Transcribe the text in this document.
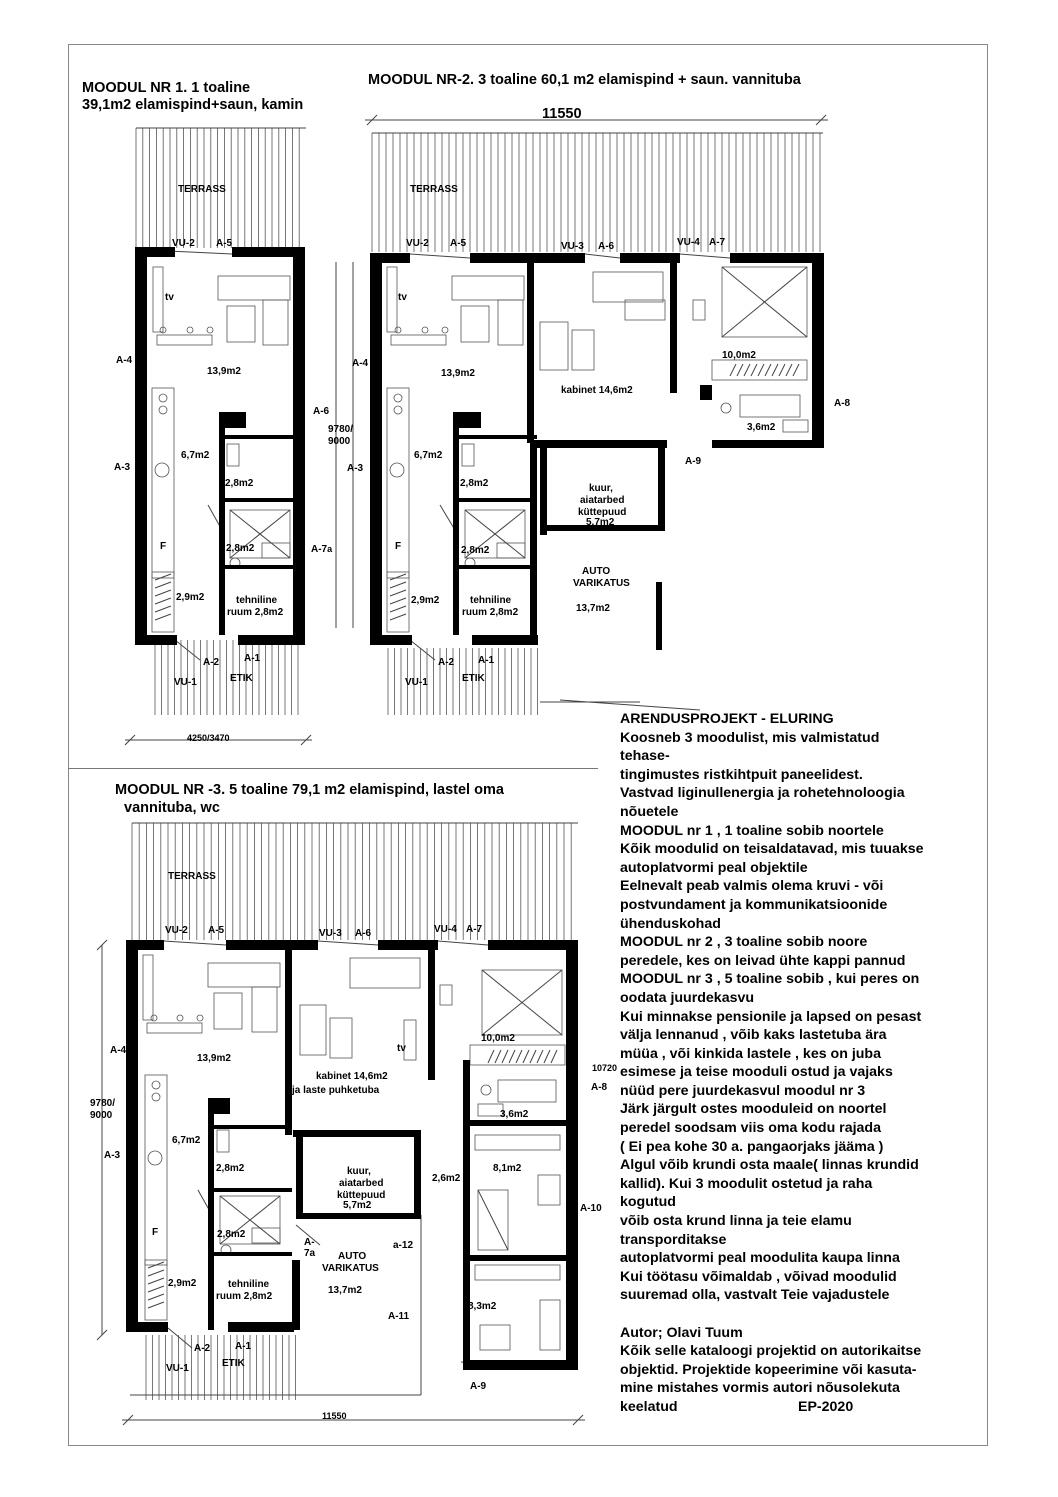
MOODUL NR 1. 1 toaline
39,1m2 elamispind+saun, kamin
TERRASS
VU-2 A-5
tv
A-4
13,9m2
A-6
9780/
9000
6,7m2
A-3
2,8m2
F	2,8m2	A-7a
2,9m2	tehniline
ruum 2,8m2
A-2 A-1
VU-1	ETIK
4250/3470
MOODUL NR-2. 3 toaline 60,1 m2 elamispind + saun. vannituba
11550
TERRASS
VU-2 A-5	VU-3 A-6	VU-4 A-7
tv
10,0m2
A-4
13,9m2
kabinet 14,6m2
A-8
3,6m2
6,7m2
A-9
A-3
2,8m2	kuur,
aiatarbed
küttepuud
5,7m2
F	2,8m2
AUTO
VARIKATUS
2,9m2	tehniline
ruum 2,8m2	13,7m2
A-2 A-1
VU-1	ETIK
MOODUL NR -3. 5 toaline 79,1 m2 elamispind, lastel oma
vannituba, wc
TERRASS
VU-2 A-5	VU-3 A-6	VU-4 A-7
10,0m2
tv
A-4
13,9m2
10720
kabinet 14,6m2
ja laste puhketuba	A-8
9780/
9000	3,6m2
6,7m2
A-3
2,8m2	8,1m2
kuur,
aiatarbed	2,6m2
küttepuud
5,7m2	A-10
F	2,8m2
A-
7a
a-12
AUTO
VARIKATUS
2,9m2	tehniline
13,7m2
ruum 2,8m2
8,3m2
A-11
A-2 A-1
ETIK
VU-1
A-9
11550
ARENDUSPROJEKT - ELURING
Koosneb 3 moodulist, mis valmistatud
tehase-
tingimustes ristkihtpuit paneelidest.
Vastvad liginullenergia ja rohetehnoloogia
nõuetele
MOODUL nr 1 , 1 toaline sobib noortele
Kõik moodulid on teisaldatavad, mis tuuakse
autoplatvormi peal objektile
Eelnevalt peab valmis olema kruvi - või
postvundament ja kommunikatsioonide
ühenduskohad
MOODUL nr 2 , 3 toaline sobib noore
peredele, kes on leivad ühte kappi pannud
MOODUL nr 3 , 5 toaline sobib , kui peres on
oodata juurdekasvu
Kui minnakse pensionile ja lapsed on pesast
välja lennanud , võib kaks lastetuba ära
müüa , või kinkida lastele , kes on juba
esimese ja teise mooduli ostud ja vajaks
nüüd pere juurdekasvul moodul nr 3
Järk järgult ostes mooduleid on noortel
peredel soodsam viis oma kodu rajada
( Ei pea kohe 30 a. pangaorjaks jääma )
Algul võib krundi osta maale( linnas krundid
kallid). Kui 3 moodulit ostetud ja raha
kogutud
võib osta krund linna ja teie elamu
transporditakse
autoplatvormi peal moodulita kaupa linna
Kui töötasu võimaldab , võivad moodulid
suuremad olla, vastvalt Teie vajadustele

Autor; Olavi Tuum
Kõik selle kataloogi projektid on autorikaitse
objektid. Projektide kopeerimine või kasuta-
mine mistahes vormis autori nõusolekuta
keelatud	EP-2020
